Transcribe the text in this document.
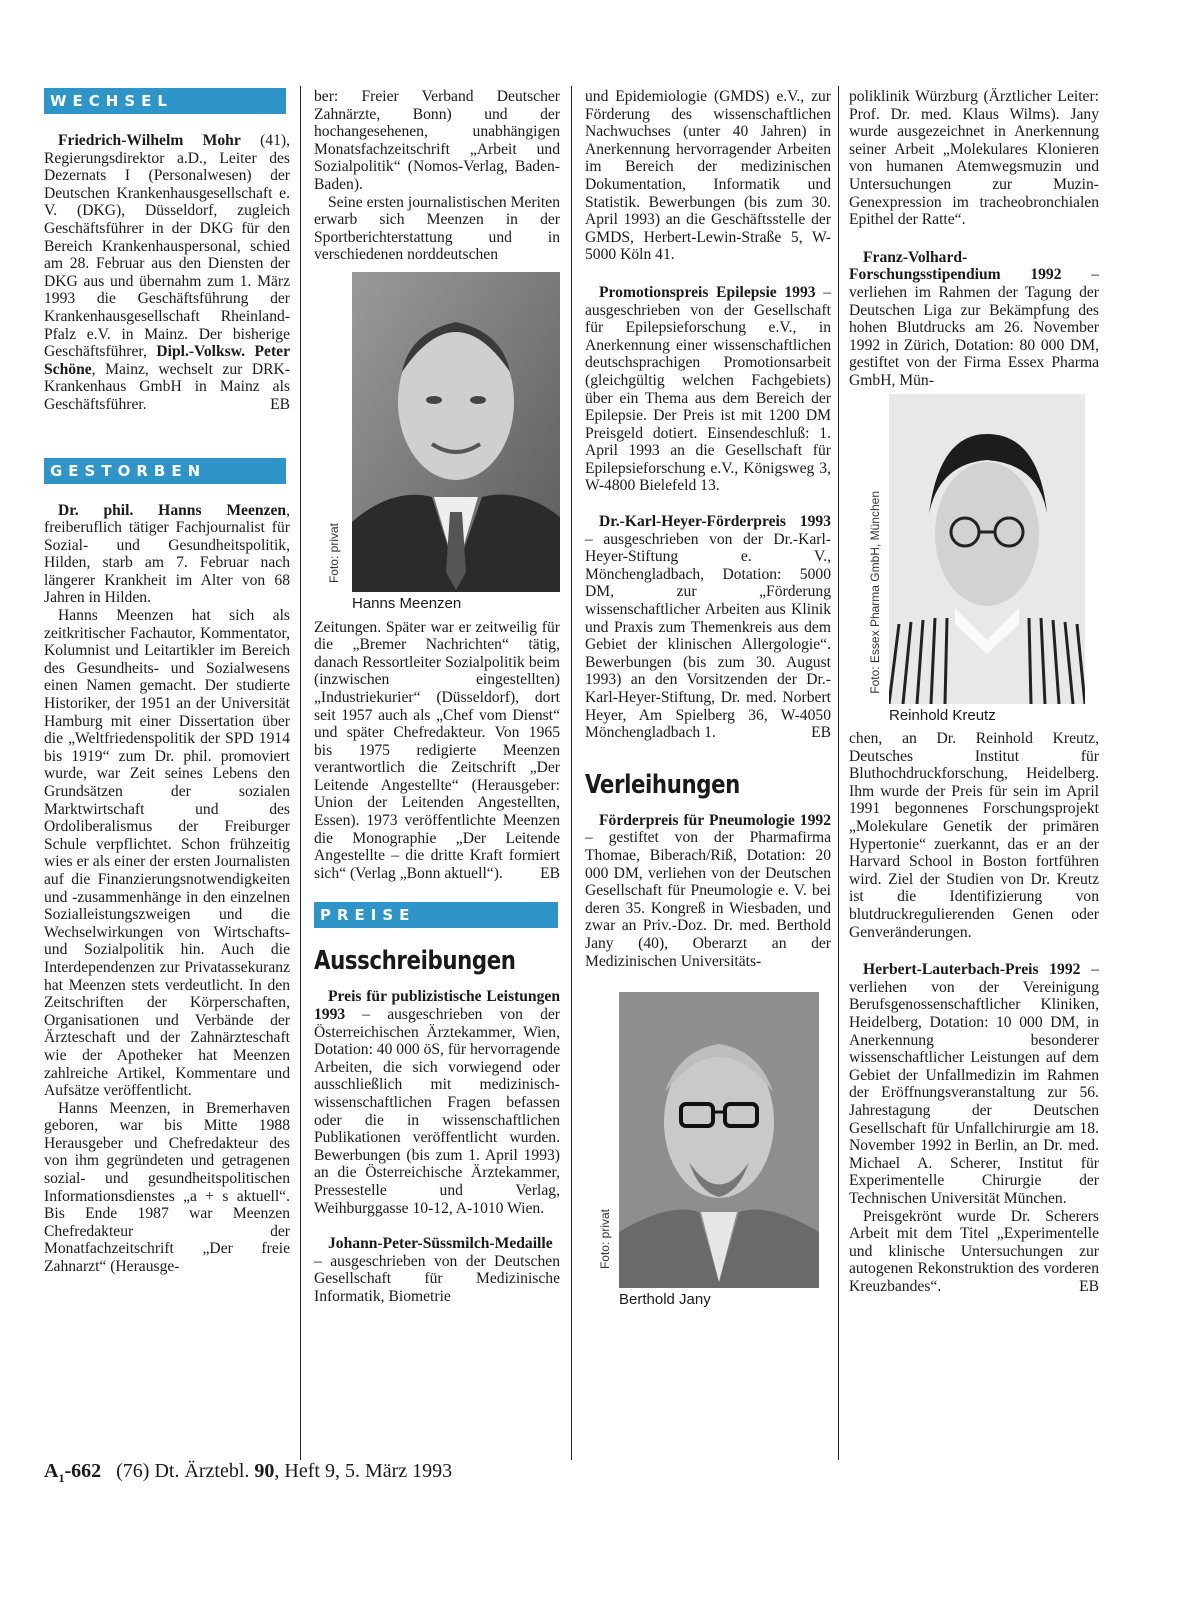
WECHSEL

Friedrich-Wilhelm Mohr (41), Regierungsdirektor a.D., Leiter des Dezernats I (Personalwesen) der Deutschen Krankenhausgesellschaft e. V. (DKG), Düsseldorf, zugleich Geschäftsführer in der DKG für den Bereich Krankenhauspersonal, schied am 28. Februar aus den Diensten der DKG aus und übernahm zum 1. März 1993 die Geschäftsführung der Krankenhausgesellschaft Rheinland-Pfalz e.V. in Mainz. Der bisherige Geschäftsführer, Dipl.-Volksw. Peter Schöne, Mainz, wechselt zur DRK-Krankenhaus GmbH in Mainz als Geschäftsführer.	EB

GESTORBEN

Dr. phil. Hanns Meenzen, freiberuflich tätiger Fachjournalist für Sozial- und Gesundheitspolitik, Hilden, starb am 7. Februar nach längerer Krankheit im Alter von 68 Jahren in Hilden.

Hanns Meenzen hat sich als zeitkritischer Fachautor, Kommentator, Kolumnist und Leitartikler im Bereich des Gesundheits- und Sozialwesens einen Namen gemacht. Der studierte Historiker, der 1951 an der Universität Hamburg mit einer Dissertation über die „Weltfriedenspolitik der SPD 1914 bis 1919“ zum Dr. phil. promoviert wurde, war Zeit seines Lebens den Grundsätzen der sozialen Marktwirtschaft und des Ordoliberalismus der Freiburger Schule verpflichtet. Schon frühzeitig wies er als einer der ersten Journalisten auf die Finanzierungsnotwendigkeiten und -zusammenhänge in den einzelnen Sozialleistungszweigen und die Wechselwirkungen von Wirtschafts- und Sozialpolitik hin. Auch die Interdependenzen zur Privatassekuranz hat Meenzen stets verdeutlicht. In den Zeitschriften der Körperschaften, Organisationen und Verbände der Ärzteschaft und der Zahnärzteschaft wie der Apotheker hat Meenzen zahlreiche Artikel, Kommentare und Aufsätze veröffentlicht.

Hanns Meenzen, in Bremerhaven geboren, war bis Mitte 1988 Herausgeber und Chefredakteur des von ihm gegründeten und getragenen sozial- und gesundheitspolitischen Informationsdienstes „a + s aktuell“. Bis Ende 1987 war Meenzen Chefredakteur der Monatfachzeitschrift „Der freie Zahnarzt“ (Herausge-

ber: Freier Verband Deutscher Zahnärzte, Bonn) und der hochangesehenen, unabhängigen Monatsfachzeitschrift „Arbeit und Sozialpolitik“ (Nomos-Verlag, Baden-Baden).

Seine ersten journalistischen Meriten erwarb sich Meenzen in der Sportberichterstattung und in verschiedenen norddeutschen

Foto: privat
Hanns Meenzen

Zeitungen. Später war er zeitweilig für die „Bremer Nachrichten“ tätig, danach Ressortleiter Sozialpolitik beim (inzwischen eingestellten) „Industriekurier“ (Düsseldorf), dort seit 1957 auch als „Chef vom Dienst“ und später Chefredakteur. Von 1965 bis 1975 redigierte Meenzen verantwortlich die Zeitschrift „Der Leitende Angestellte“ (Herausgeber: Union der Leitenden Angestellten, Essen). 1973 veröffentlichte Meenzen die Monographie „Der Leitende Angestellte – die dritte Kraft formiert sich“ (Verlag „Bonn aktuell“). EB

PREISE
Ausschreibungen

Preis für publizistische Leistungen 1993 – ausgeschrieben von der Österreichischen Ärztekammer, Wien, Dotation: 40 000 öS, für hervorragende Arbeiten, die sich vorwiegend oder ausschließlich mit medizinisch-wissenschaftlichen Fragen befassen oder die in wissenschaftlichen Publikationen veröffentlicht wurden. Bewerbungen (bis zum 1. April 1993) an die Österreichische Ärztekammer, Pressestelle und Verlag, Weihburggasse 10-12, A-1010 Wien.

Johann-Peter-Süssmilch-Medaille – ausgeschrieben von der Deutschen Gesellschaft für Medizinische Informatik, Biometrie

und Epidemiologie (GMDS) e.V., zur Förderung des wissenschaftlichen Nachwuchses (unter 40 Jahren) in Anerkennung hervorragender Arbeiten im Bereich der medizinischen Dokumentation, Informatik und Statistik. Bewerbungen (bis zum 30. April 1993) an die Geschäftsstelle der GMDS, Herbert-Lewin-Straße 5, W-5000 Köln 41.

Promotionspreis Epilepsie 1993 – ausgeschrieben von der Gesellschaft für Epilepsieforschung e.V., in Anerkennung einer wissenschaftlichen deutschsprachigen Promotionsarbeit (gleichgültig welchen Fachgebiets) über ein Thema aus dem Bereich der Epilepsie. Der Preis ist mit 1200 DM Preisgeld dotiert. Einsendeschluß: 1. April 1993 an die Gesellschaft für Epilepsieforschung e.V., Königsweg 3, W-4800 Bielefeld 13.

Dr.-Karl-Heyer-Förderpreis 1993 – ausgeschrieben von der Dr.-Karl-Heyer-Stiftung e. V., Mönchengladbach, Dotation: 5000 DM, zur „Förderung wissenschaftlicher Arbeiten aus Klinik und Praxis zum Themenkreis aus dem Gebiet der klinischen Allergologie“. Bewerbungen (bis zum 30. August 1993) an den Vorsitzenden der Dr.-Karl-Heyer-Stiftung, Dr. med. Norbert Heyer, Am Spielberg 36, W-4050 Mönchengladbach 1.	EB

Verleihungen

Förderpreis für Pneumologie 1992 – gestiftet von der Pharmafirma Thomae, Biberach/Riß, Dotation: 20 000 DM, verliehen von der Deutschen Gesellschaft für Pneumologie e. V. bei deren 35. Kongreß in Wiesbaden, und zwar an Priv.-Doz. Dr. med. Berthold Jany (40), Oberarzt an der Medizinischen Universitäts-

Foto: privat
Berthold Jany

poliklinik Würzburg (Ärztlicher Leiter: Prof. Dr. med. Klaus Wilms). Jany wurde ausgezeichnet in Anerkennung seiner Arbeit „Molekulares Klonieren von humanen Atemwegsmuzin und Untersuchungen zur Muzin-Genexpression im tracheobronchialen Epithel der Ratte“.

Franz-Volhard-Forschungsstipendium 1992 – verliehen im Rahmen der Tagung der Deutschen Liga zur Bekämpfung des hohen Blutdrucks am 26. November 1992 in Zürich, Dotation: 80 000 DM, gestiftet von der Firma Essex Pharma GmbH, Mün-

Foto: Essex Pharma GmbH, München
Reinhold Kreutz

chen, an Dr. Reinhold Kreutz, Deutsches Institut für Bluthochdruckforschung, Heidelberg. Ihm wurde der Preis für sein im April 1991 begonnenes Forschungsprojekt „Molekulare Genetik der primären Hypertonie“ zuerkannt, das er an der Harvard School in Boston fortführen wird. Ziel der Studien von Dr. Kreutz ist die Identifizierung von blutdruckregulierenden Genen oder Genveränderungen.

Herbert-Lauterbach-Preis 1992 – verliehen von der Vereinigung Berufsgenossenschaftlicher Kliniken, Heidelberg, Dotation: 10 000 DM, in Anerkennung besonderer wissenschaftlicher Leistungen auf dem Gebiet der Unfallmedizin im Rahmen der Eröffnungsveranstaltung zur 56. Jahrestagung der Deutschen Gesellschaft für Unfallchirurgie am 18. November 1992 in Berlin, an Dr. med. Michael A. Scherer, Institut für Experimentelle Chirurgie der Technischen Universität München.

Preisgekrönt wurde Dr. Scherers Arbeit mit dem Titel „Experimentelle und klinische Untersuchungen zur autogenen Rekonstruktion des vorderen Kreuzbandes“.	EB

$A_1-662$ (76) Dt. Ärztebl. 90, Heft 9, 5. März 1993
